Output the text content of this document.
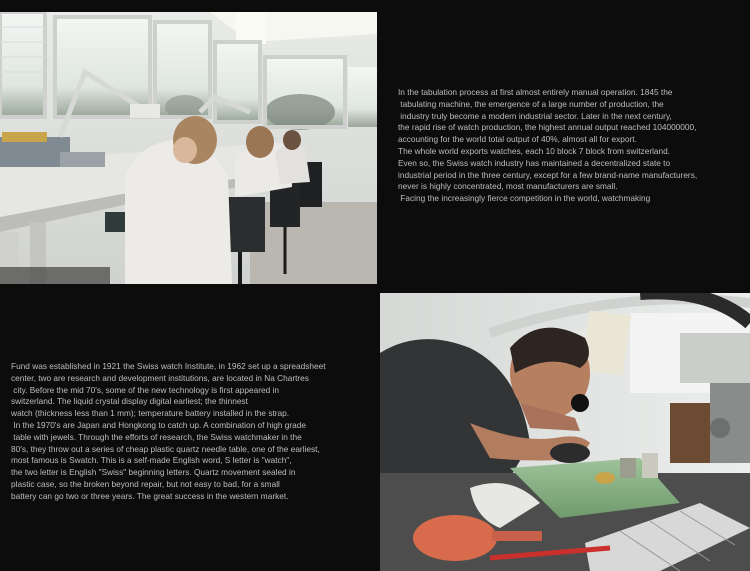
In the tabulation process at first almost entirely manual operation. 1845 the
tabulating machine, the emergence of a large number of production, the
industry truly become a modern industrial sector. Later in the next century,
the rapid rise of watch production, the highest annual output reached 104000000,
accounting for the world total output of 40%, almost all for export.
The whole world exports watches, each 10 block 7 block from switzerland.
Even so, the Swiss watch industry has maintained a decentralized state to
industrial period in the three century, except for a few brand-name manufacturers,
never is highly concentrated, most manufacturers are small.
Facing the increasingly fierce competition in the world, watchmaking
Fund was established in 1921 the Swiss watch Institute, in 1962 set up a spreadsheet
center, two are research and development institutions, are located in Na Chartres
city. Before the mid 70's, some of the new technology is first appeared in
switzerland. The liquid crystal display digital earliest; the thinnest
watch (thickness less than 1 mm); temperature battery installed in the strap.
In the 1970's are Japan and Hongkong to catch up. A combination of high grade
table with jewels. Through the efforts of research, the Swiss watchmaker in the
80's, they throw out a series of cheap plastic quartz needle table, one of the earliest,
most famous is Swatch. This is a self-made English word, S letter is "watch",
the two letter is English "Swiss" beginning letters. Quartz movement sealed in
plastic case, so the broken beyond repair, but not easy to bad, for a small
battery can go two or three years. The great success in the western market.
